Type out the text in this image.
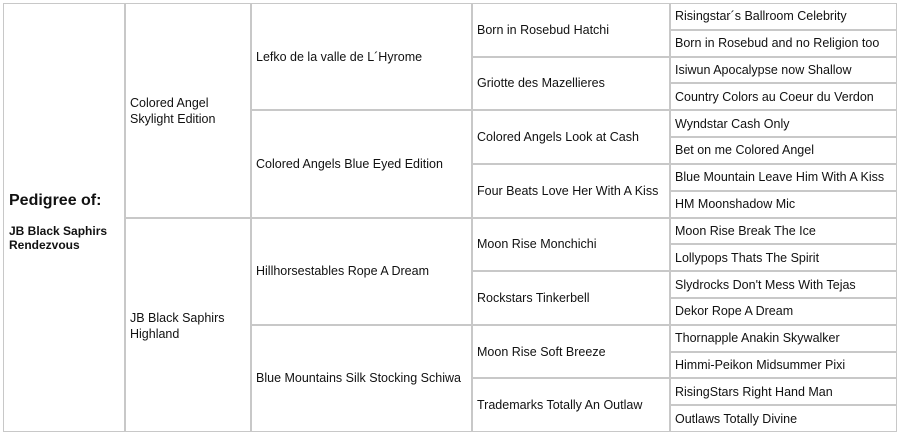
Pedigree of:
JB Black Saphirs Rendezvous
Colored Angel
Skylight Edition
JB Black Saphirs
Highland
Lefko de la valle de L´Hyrome
Colored Angels Blue Eyed Edition
Hillhorsestables Rope A Dream
Blue Mountains Silk Stocking Schiwa
Born in Rosebud Hatchi
Griotte des Mazellieres
Colored Angels Look at Cash
Four Beats Love Her With A Kiss
Moon Rise Monchichi
Rockstars Tinkerbell
Moon Rise Soft Breeze
Trademarks Totally An Outlaw
Risingstar´s Ballroom Celebrity
Born in Rosebud and no Religion too
Isiwun Apocalypse now Shallow
Country Colors au Coeur du Verdon
Wyndstar Cash Only
Bet on me Colored Angel
Blue Mountain Leave Him With A Kiss
HM Moonshadow Mic
Moon Rise Break The Ice
Lollypops Thats The Spirit
Slydrocks Don't Mess With Tejas
Dekor Rope A Dream
Thornapple Anakin Skywalker
Himmi-Peikon Midsummer Pixi
RisingStars Right Hand Man
Outlaws Totally Divine
